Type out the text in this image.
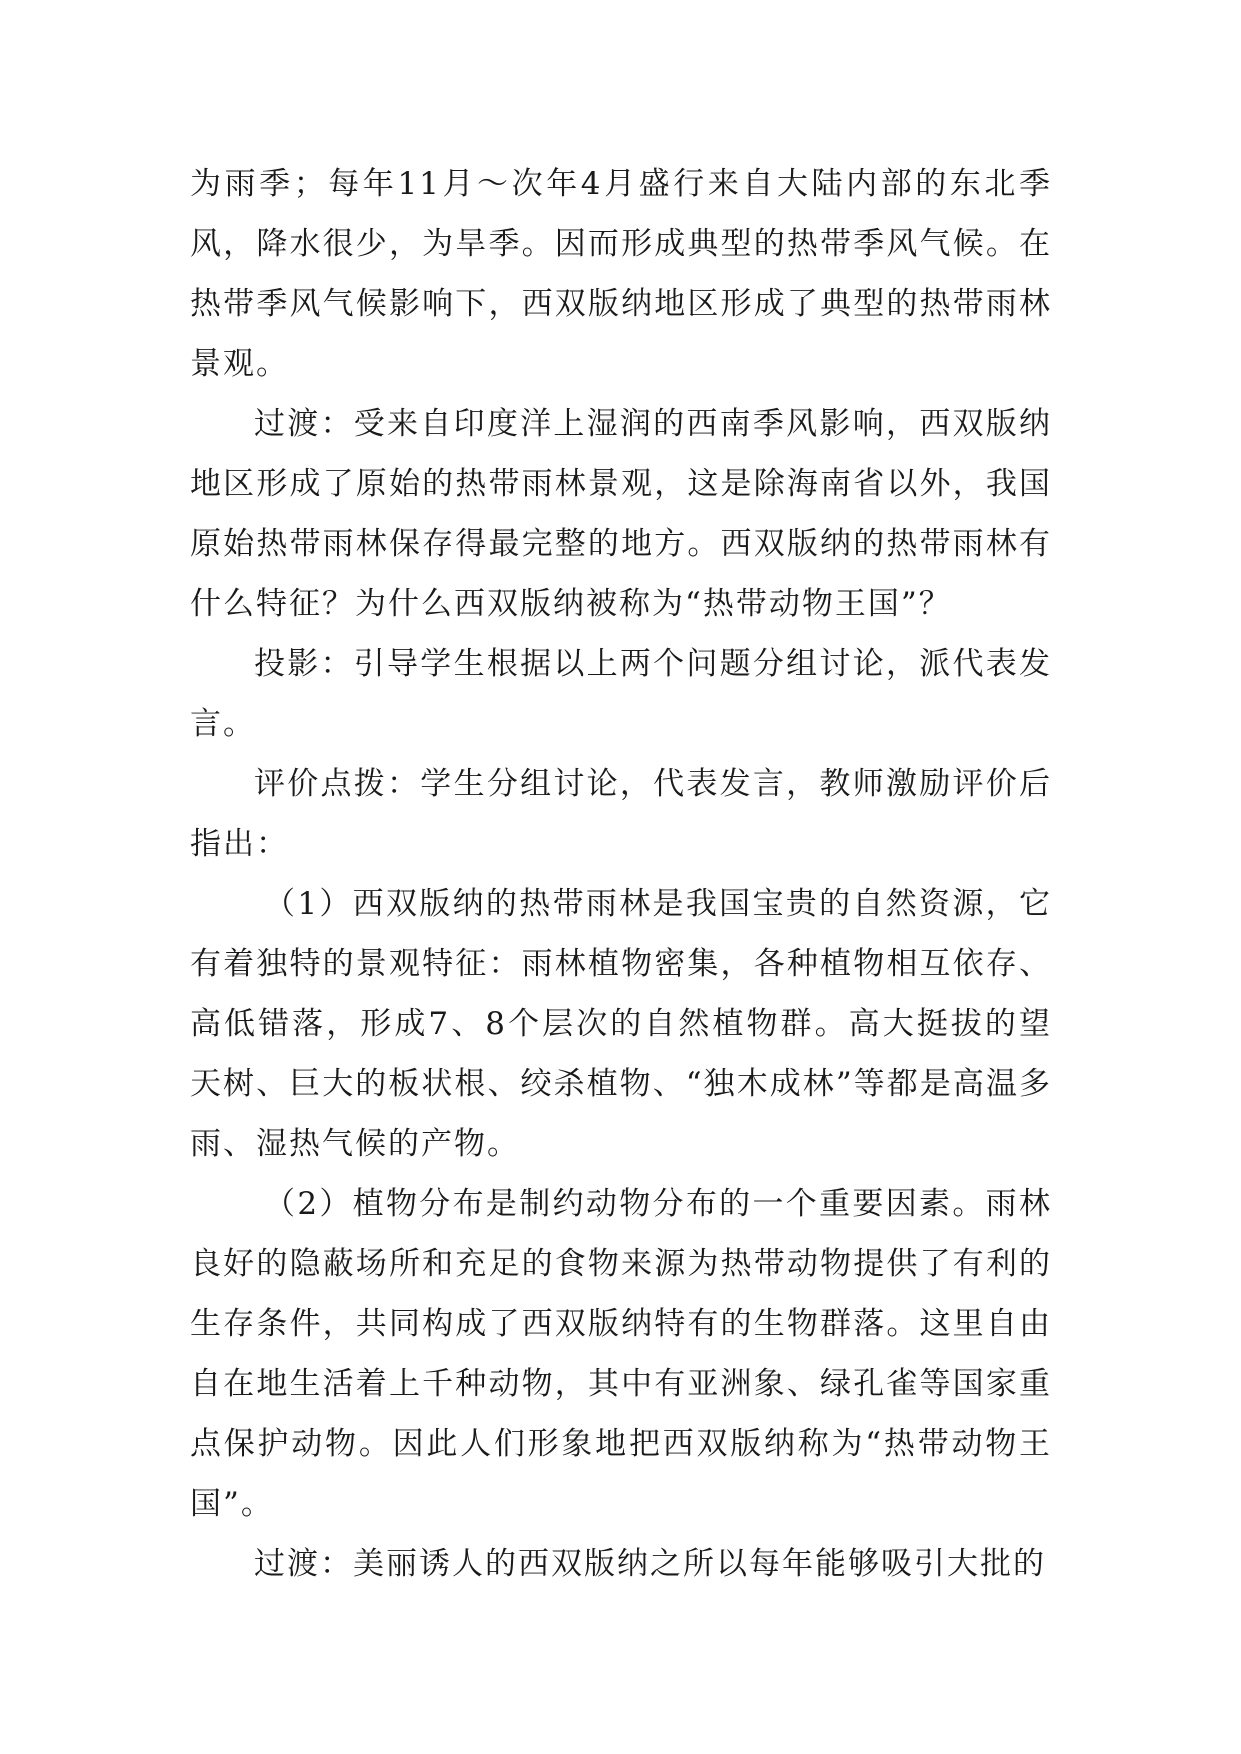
为雨季；每年11月～次年4月盛行来自大陆内部的东北季风，降水很少，为旱季。因而形成典型的热带季风气候。在热带季风气候影响下，西双版纳地区形成了典型的热带雨林景观。

过渡：受来自印度洋上湿润的西南季风影响，西双版纳地区形成了原始的热带雨林景观，这是除海南省以外，我国原始热带雨林保存得最完整的地方。西双版纳的热带雨林有什么特征？为什么西双版纳被称为“热带动物王国”？

投影：引导学生根据以上两个问题分组讨论，派代表发言。

评价点拨：学生分组讨论，代表发言，教师激励评价后指出：

（1）西双版纳的热带雨林是我国宝贵的自然资源，它有着独特的景观特征：雨林植物密集，各种植物相互依存、高低错落，形成7、8个层次的自然植物群。高大挺拔的望天树、巨大的板状根、绞杀植物、“独木成林”等都是高温多雨、湿热气候的产物。

（2）植物分布是制约动物分布的一个重要因素。雨林良好的隐蔽场所和充足的食物来源为热带动物提供了有利的生存条件，共同构成了西双版纳特有的生物群落。这里自由自在地生活着上千种动物，其中有亚洲象、绿孔雀等国家重点保护动物。因此人们形象地把西双版纳称为“热带动物王国”。

过渡：美丽诱人的西双版纳之所以每年能够吸引大批的
